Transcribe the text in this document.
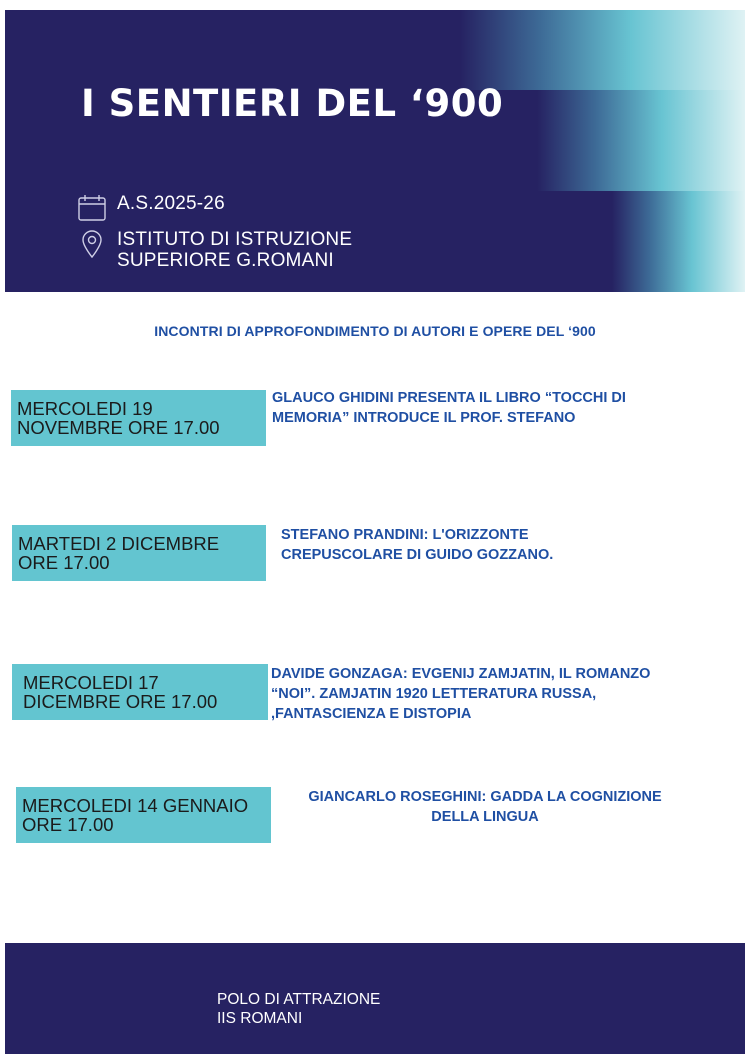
I SENTIERI DEL ‘900
A.S.2025-26
ISTITUTO DI ISTRUZIONE
SUPERIORE G.ROMANI
INCONTRI DI APPROFONDIMENTO DI AUTORI E OPERE DEL ‘900
MERCOLEDI 19
NOVEMBRE ORE 17.00
GLAUCO GHIDINI PRESENTA IL LIBRO “TOCCHI DI
MEMORIA” INTRODUCE IL PROF. STEFANO
MARTEDI 2 DICEMBRE
ORE 17.00
STEFANO PRANDINI: L'ORIZZONTE
CREPUSCOLARE DI GUIDO GOZZANO.
MERCOLEDI 17
DICEMBRE ORE 17.00
DAVIDE GONZAGA: EVGENIJ ZAMJATIN, IL ROMANZO
“NOI”. ZAMJATIN 1920 LETTERATURA RUSSA,
,FANTASCIENZA E DISTOPIA
MERCOLEDI 14 GENNAIO
ORE 17.00
GIANCARLO ROSEGHINI: GADDA LA COGNIZIONE
DELLA LINGUA
POLO DI ATTRAZIONE
IIS ROMANI
